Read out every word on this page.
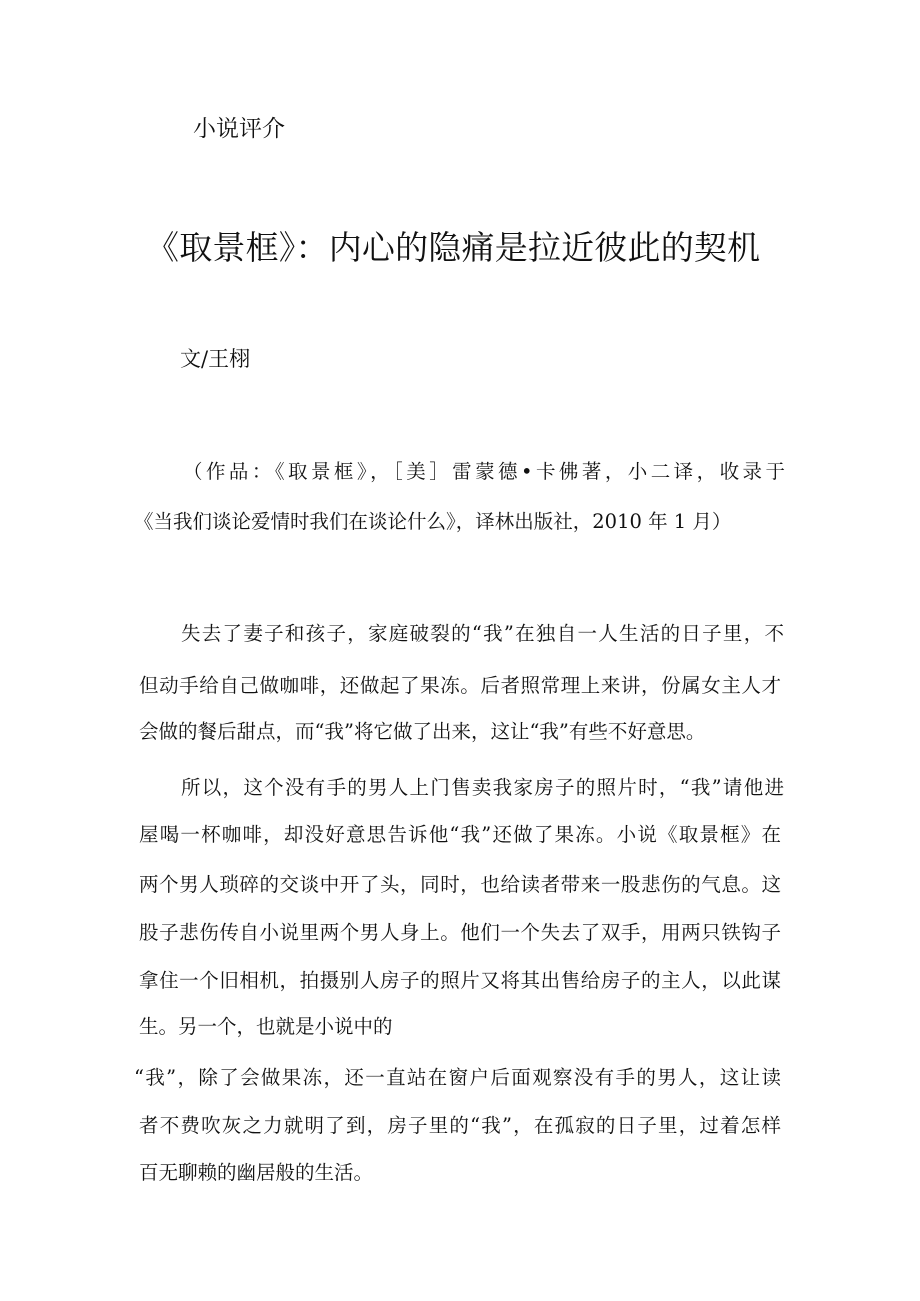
小说评介
《取景框》：内心的隐痛是拉近彼此的契机
文/王栩
（作品：《取景框》，［美］雷蒙德•卡佛著，小二译，收录于
《当我们谈论爱情时我们在谈论什么》，译林出版社，2010 年 1 月）
失去了妻子和孩子，家庭破裂的“我”在独自一人生活的日子里，不
但动手给自己做咖啡，还做起了果冻。后者照常理上来讲，份属女主人才
会做的餐后甜点，而“我”将它做了出来，这让“我”有些不好意思。
所以，这个没有手的男人上门售卖我家房子的照片时，“我”请他进
屋喝一杯咖啡，却没好意思告诉他“我”还做了果冻。小说《取景框》在
两个男人琐碎的交谈中开了头，同时，也给读者带来一股悲伤的气息。这
股子悲伤传自小说里两个男人身上。他们一个失去了双手，用两只铁钩子
拿住一个旧相机，拍摄别人房子的照片又将其出售给房子的主人，以此谋
生。另一个，也就是小说中的
“我”，除了会做果冻，还一直站在窗户后面观察没有手的男人，这让读
者不费吹灰之力就明了到，房子里的“我”，在孤寂的日子里，过着怎样
百无聊赖的幽居般的生活。
